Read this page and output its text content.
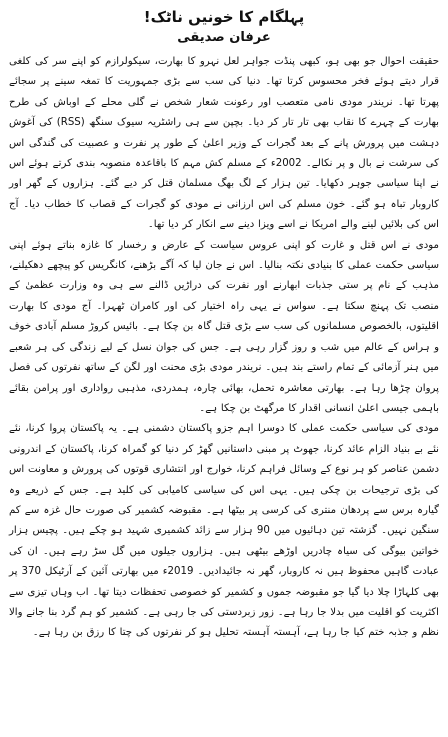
پہلگام کا خونیں ناٹک!
عرفان صدیقی

حقیقت احوال جو بھی ہو، کبھی پنڈت جواہر لعل نہرو کا بھارت، سیکولرازم کو اپنے سر کی کلغی قرار دیتے ہوئے فخر محسوس کرتا تھا۔ دنیا کی سب سے بڑی جمہوریت کا تمغہ سینے پر سجائے پھرتا تھا۔ نریندر مودی نامی متعصب اور رعونت شعار شخص نے گلی محلے کے اوباش کی طرح بھارت کے چہرے کا نقاب بھی تار تار کر دیا۔ بچپن سے ہی راشٹریہ سیوک سنگھ (RSS) کی آغوش دہشت میں پرورش پانے کے بعد گجرات کے وزیر اعلیٰ کے طور پر نفرت و عصبیت کی گندگی اس کی سرشت نے بال و پر نکالے۔ 2002ء کے مسلم کش مہم کا باقاعدہ منصوبہ بندی کرتے ہوئے اس نے اپنا سیاسی جوہر دکھایا۔ تین ہزار کے لگ بھگ مسلمان قتل کر دیے گئے۔ ہزاروں کے گھر اور کاروبار تباہ ہو گئے۔ خون مسلم کی اس ارزانی نے مودی کو گجرات کے قصاب کا خطاب دیا۔ آج اس کی بلائیں لینے والے امریکا نے اسے ویزا دینے سے انکار کر دیا تھا۔

مودی نے اس قتل و غارت کو اپنی عروس سیاست کے عارض و رخسار کا غازہ بناتے ہوئے اپنی سیاسی حکمت عملی کا بنیادی نکتہ بنالیا۔ اس نے جان لیا کہ آگے بڑھنے، کانگریس کو پیچھے دھکیلنے، مذہب کے نام پر ستی جذبات ابھارنے اور نفرت کی دراڑیں ڈالنے سے ہی وہ وزارت عظمیٰ کے منصب تک پہنچ سکتا ہے۔ سواس نے یہی راہ اختیار کی اور کامران ٹھہرا۔ آج مودی کا بھارت اقلیتوں، بالخصوص مسلمانوں کی سب سے بڑی قتل گاہ بن چکا ہے۔ بائیس کروڑ مسلم آبادی خوف و ہراس کے عالم میں شب و روز گزار رہی ہے۔ جس کی جوان نسل کے لیے زندگی کی ہر شعبے میں ہنر آزمائی کے تمام راستے بند ہیں۔ نریندر مودی بڑی محنت اور لگن کے ساتھ نفرتوں کی فصل پروان چڑھا رہا ہے۔ بھارتی معاشرہ تحمل، بھائی چارہ، ہمدردی، مذہبی رواداری اور پرامن بقائے باہمی جیسی اعلیٰ انسانی اقدار کا مرگھٹ بن چکا ہے۔

مودی کی سیاسی حکمت عملی کا دوسرا اہم جزو پاکستان دشمنی ہے۔ یہ پاکستان پروا کرنا، نئے نئے بے بنیاد الزام عائد کرنا، جھوٹ پر مبنی داستانیں گھڑ کر دنیا کو گمراہ کرنا، پاکستان کے اندرونی دشمن عناصر کو ہر نوع کے وسائل فراہم کرنا، خوارج اور انتشاری قوتوں کی پرورش و معاونت اس کی بڑی ترجیحات بن چکی ہیں۔ یہی اس کی سیاسی کامیابی کی کلید ہے۔ جس کے ذریعے وہ گیارہ برس سے پردھان منتری کی کرسی پر بیٹھا ہے۔ مقبوضہ کشمیر کی صورت حال غزہ سے کم سنگین نہیں۔ گزشتہ تین دہائیوں میں 90 ہزار سے زائد کشمیری شہید ہو چکے ہیں۔ پچیس ہزار خواتین بیوگی کی سیاہ چادریں اوڑھے بیٹھی ہیں۔ ہزاروں جیلوں میں گل سڑ رہے ہیں۔ ان کی عبادت گاہیں محفوظ ہیں نہ کاروبار، گھر نہ جائیدادیں۔ 2019ء میں بھارتی آئین کے آرٹیکل 370 پر بھی کلہاڑا چلا دیا گیا جو مقبوضہ جموں و کشمیر کو خصوصی تحفظات دیتا تھا۔ اب وہاں تیزی سے اکثریت کو اقلیت میں بدلا جا رہا ہے۔ زور زبردستی کی جا رہی ہے۔ کشمیر کو ہم گرد بنا جانے والا نظم و جذبہ ختم کیا جا رہا ہے، آہستہ آہستہ تحلیل ہو کر نفرتوں کی چتا کا رزق بن رہا ہے۔
